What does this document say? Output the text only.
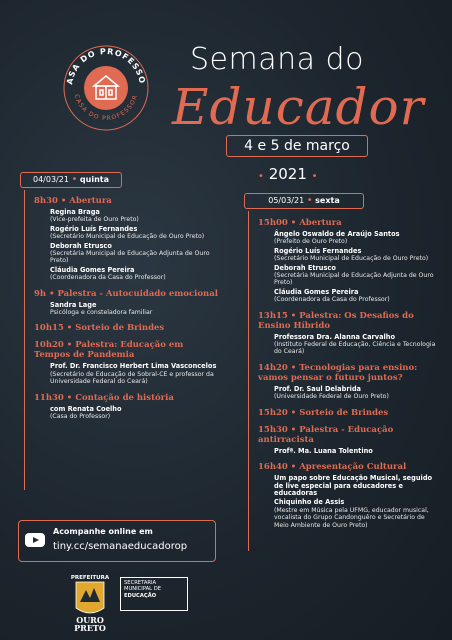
ASA DO PROFESSO
CASA DO PROFESSOR
Semana do
Educador
4 e 5 de março
• 2021 •
04/03/21 • quinta
05/03/21 • sexta
8h30 • Abertura
Regina Braga
(Vice-prefeita de Ouro Preto)
Rogério Luís Fernandes
(Secretário Municipal de Educação de Ouro Preto)
Deborah Etrusco
(Secretária Municipal de Educação Adjunta de Ouro Preto)
Cláudia Gomes Pereira
(Coordenadora da Casa do Professor)
9h • Palestra - Autocuidado emocional
Sandra Lage
Psicóloga e consteladora familiar
10h15 • Sorteio de Brindes
10h20 • Palestra: Educação em Tempos de Pandemia
Prof. Dr. Francisco Herbert Lima Vasconcelos
(Secretário de Educação de Sobral-CE e professor da Universidade Federal do Ceará)
11h30 • Contação de história
com Renata Coelho
(Casa do Professor)
15h00 • Abertura
Ângelo Oswaldo de Araújo Santos
(Prefeito de Ouro Preto)
Rogério Luís Fernandes
(Secretário Municipal de Educação de Ouro Preto)
Deborah Etrusco
(Secretária Municipal de Educação Adjunta de Ouro Preto)
Cláudia Gomes Pereira
(Coordenadora da Casa do Professor)
13h15 • Palestra: Os Desafios do Ensino Híbrido
Professora Dra. Alanna Carvalho
(Instituto Federal de Educação, Ciência e Tecnologia do Ceará)
14h20 • Tecnologias para ensino: vamos pensar o futuro juntos?
Prof. Dr. Saul Delabrida
(Universidade Federal de Ouro Preto)
15h20 • Sorteio de Brindes
15h30 • Palestra - Educação antirracista
Profª. Ma. Luana Tolentino
16h40 • Apresentação Cultural
Um papo sobre Educação Musical, seguido de live especial para educadores e educadoras
Chiquinho de Assis
(Mestre em Música pela UFMG, educador musical, vocalista do Grupo Candonguêro e Secretário de Meio Ambiente de Ouro Preto)
Acompanhe online em
tiny.cc/semanaeducadorop
PREFEITURA
OURO
PRETO
SECRETARIA
MUNICIPAL DE
EDUCAÇÃO
